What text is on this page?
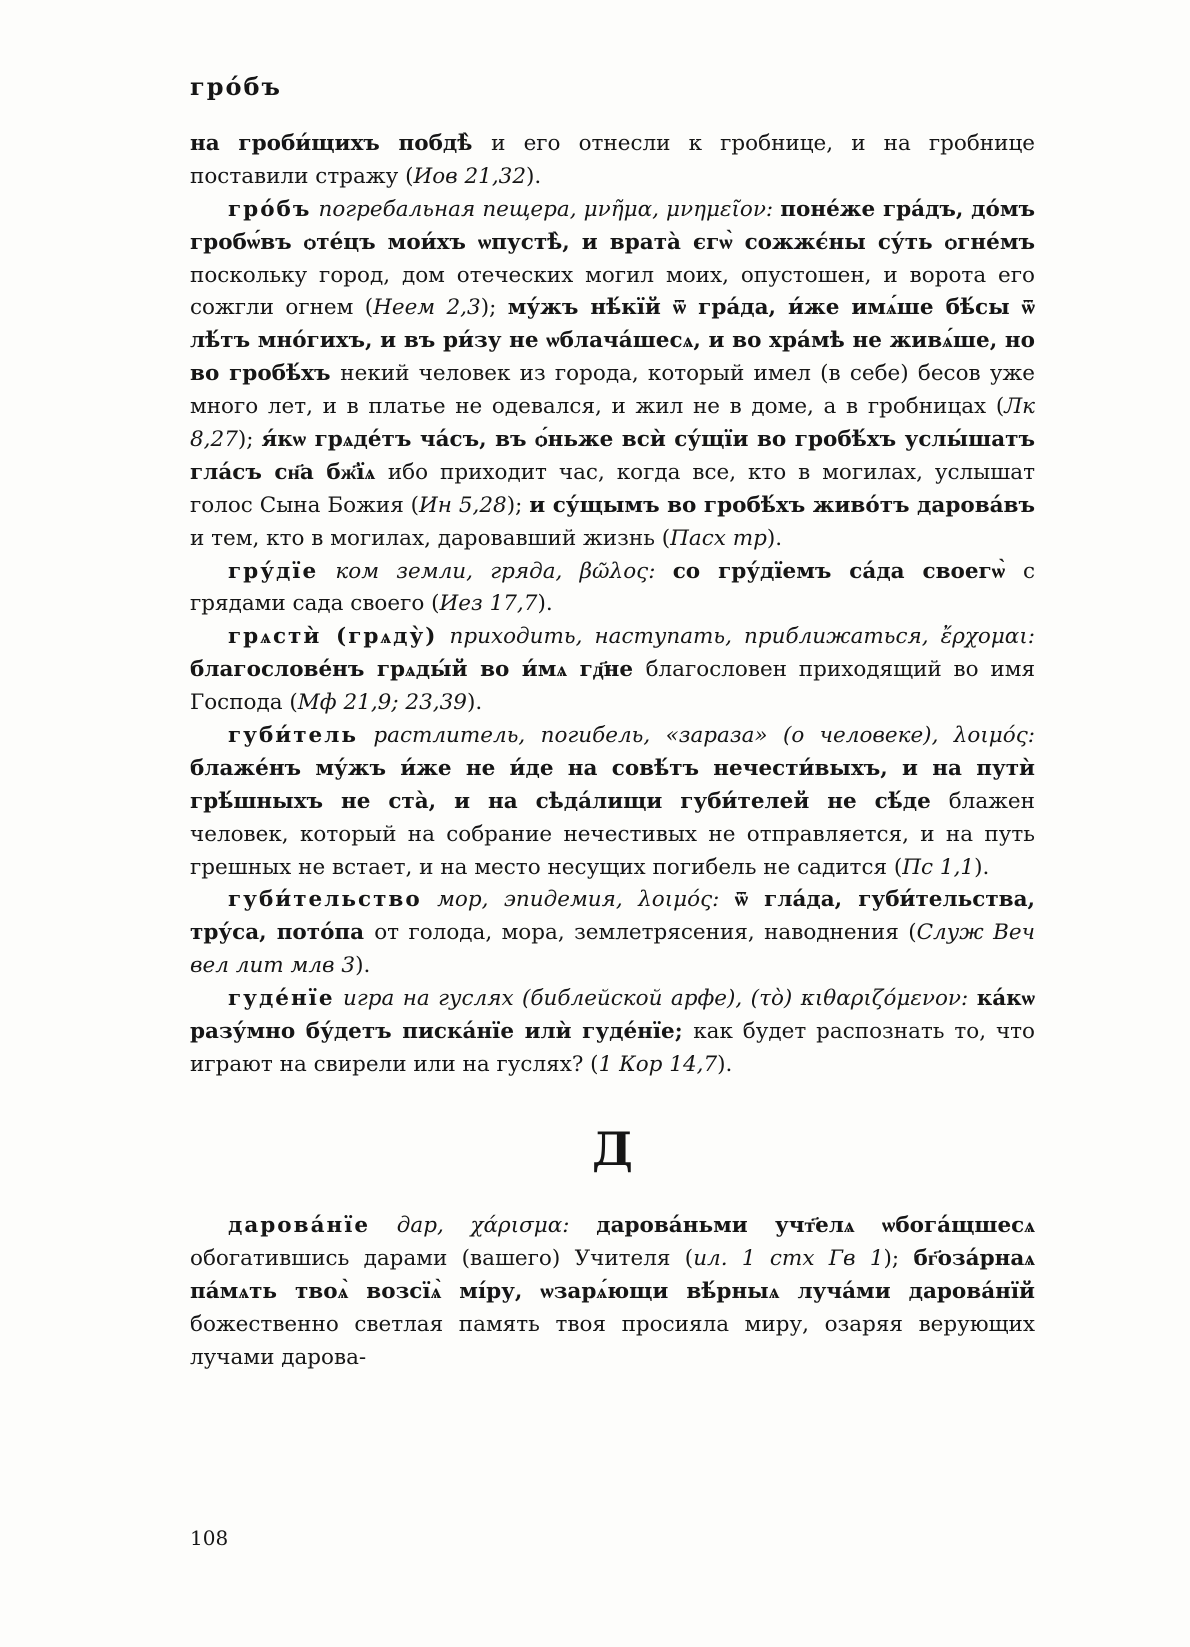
гро́бъ

на гроби́щихъ побдѣ̀ и его отнесли к гробнице, и на гробнице поставили стражу (Иов 21,32).

гро́бъ погребальная пещера, μνῆμα, μνημεῖον: поне́же гра́дъ, до́мъ гробѡ́въ ѻте́цъ мои́хъ ѡпустѣ̀, и врата̀ єгѡ̀ сожжє́ны су́ть ѻгне́мъ поскольку город, дом отеческих могил моих, опустошен, и ворота его сожгли огнем (Неем 2,3); му́жъ нѣ́кїй ѿ гра́да, и́же имѧ́ше бѣ́сы ѿ лѣ́тъ мно́гихъ, и въ ри́зу не ѡблача́шесѧ, и во хра́мѣ не живѧ́ше, но во гробѣ́хъ некий человек из города, который имел (в себе) бесов уже много лет, и в платье не одевался, и жил не в доме, а в гробницах (Лк 8,27); я́кѡ грѧде́тъ ча́съ, въ ѻ́ньже всѝ су́щїи во гробѣ́хъ услы́шатъ гла́съ сн҃а бж҃їѧ ибо приходит час, когда все, кто в могилах, услышат голос Сына Божия (Ин 5,28); и су́щымъ во гробѣ́хъ живо́тъ дарова́въ и тем, кто в могилах, даровавший жизнь (Пасх тр).

гру́дїе ком земли, гряда, βῶλος: со гру́дїемъ са́да своегѡ̀ с грядами сада своего (Иез 17,7).

грѧстѝ (грѧду̀) приходить, наступать, приближаться, ἔρχομαι: благослове́нъ грѧды́й во и́мѧ гд҃не благословен приходящий во имя Господа (Мф 21,9; 23,39).

губи́тель растлитель, погибель, «зараза» (о человеке), λοιμός: блаже́нъ му́жъ и́же не и́де на совѣ́тъ нечести́выхъ, и на путѝ грѣ́шныхъ не ста̀, и на сѣда́лищи губи́телей не сѣ́де блажен человек, который на собрание нечестивых не отправляется, и на путь грешных не встает, и на место несущих погибель не садится (Пс 1,1).

губи́тельство мор, эпидемия, λοιμός: ѿ гла́да, губи́тельства, тру́са, пото́па от голода, мора, землетрясения, наводнения (Служ Веч вел лит млв 3).

гуде́нїе игра на гуслях (библейской арфе), (τὸ) κιθαριζόμενον: ка́кѡ разу́мно бу́детъ писка́нїе илѝ гуде́нїе; как будет распознать то, что играют на свирели или на гуслях? (1 Кор 14,7).

Д

дарова́нїе дар, χάρισμα: дарова́ньми учт҃елѧ ѡбога́щшесѧ обогатившись дарами (вашего) Учителя (ил. 1 стх Гв 1); бг҃оза́рнаѧ па́мѧть твоѧ̀ возсїѧ̀ мі́ру, ѡзарѧ́ющи вѣ́рныѧ луча́ми дарова́нїй божественно светлая память твоя просияла миру, озаряя верующих лучами дарова-

108
